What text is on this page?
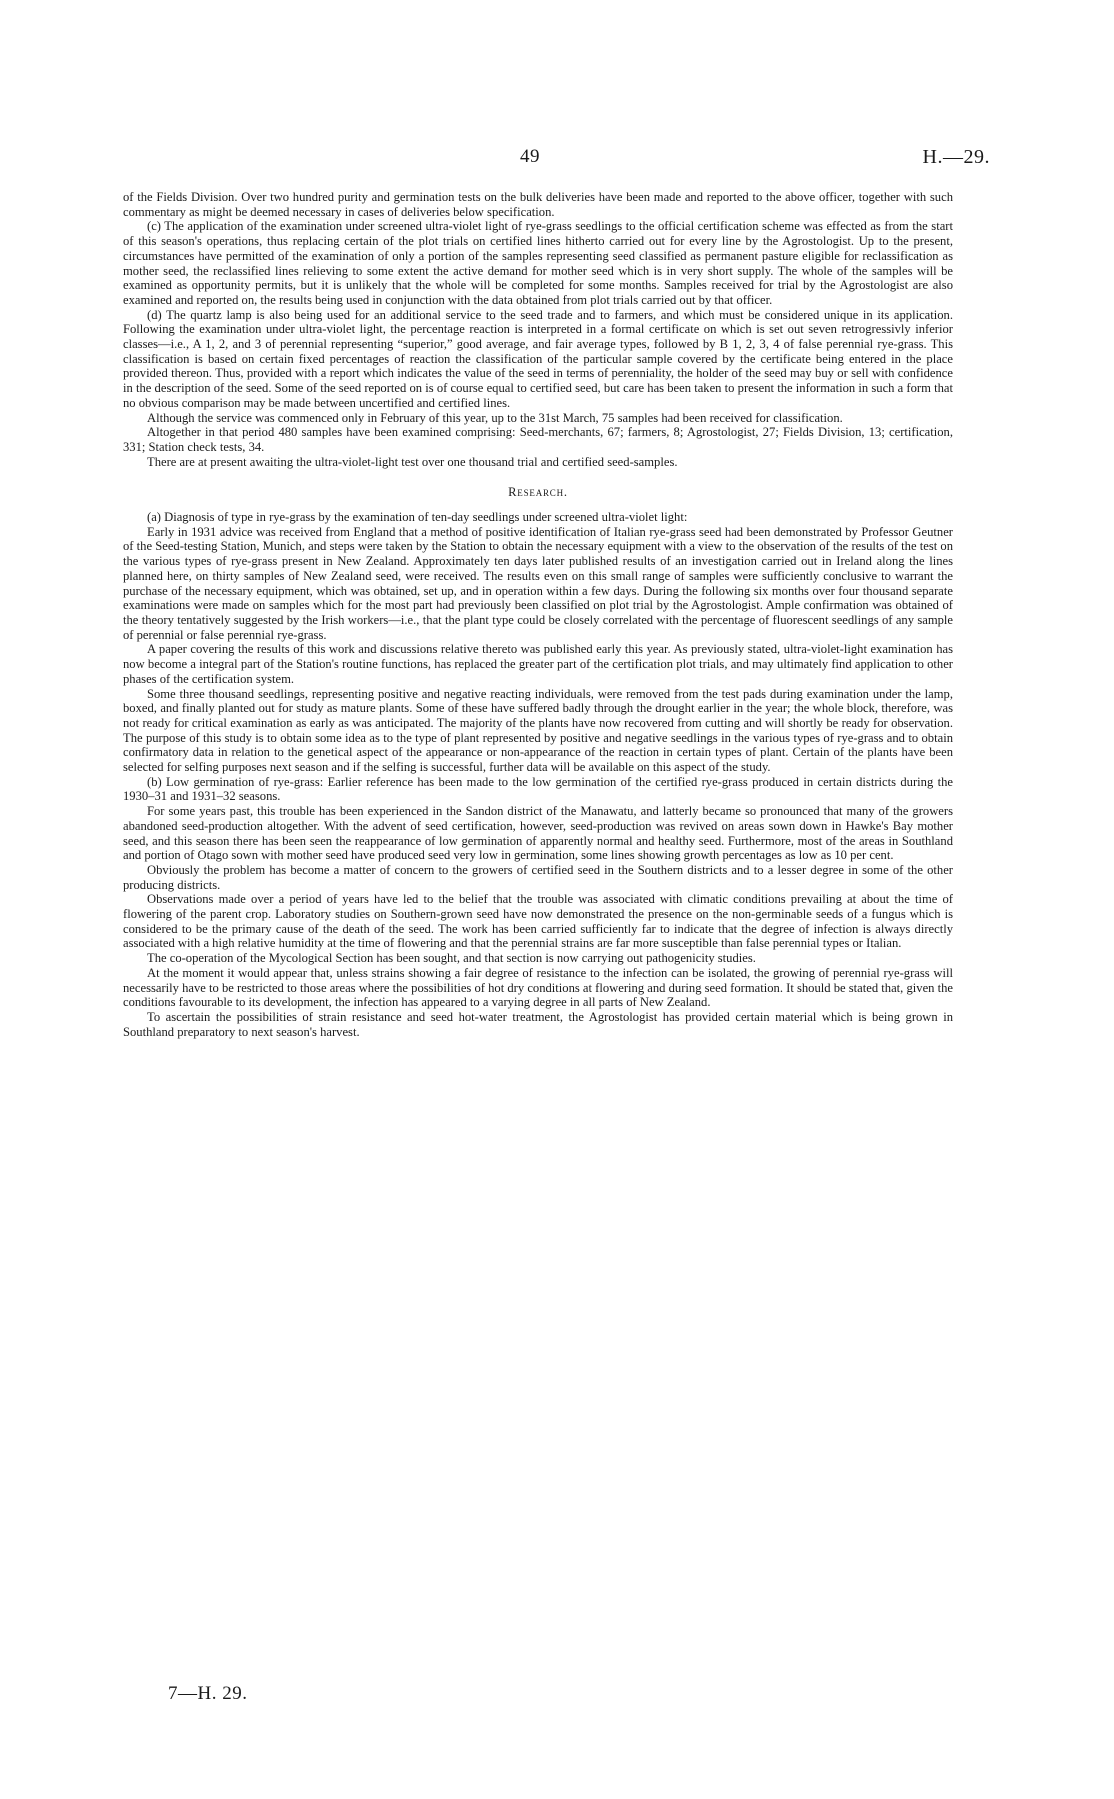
49	H.—29.

of the Fields Division. Over two hundred purity and germination tests on the bulk deliveries have been made and reported to the above officer, together with such commentary as might be deemed necessary in cases of deliveries below specification.

(c) The application of the examination under screened ultra-violet light of rye-grass seedlings to the official certification scheme was effected as from the start of this season's operations, thus replacing certain of the plot trials on certified lines hitherto carried out for every line by the Agrostologist. Up to the present, circumstances have permitted of the examination of only a portion of the samples representing seed classified as permanent pasture eligible for reclassification as mother seed, the reclassified lines relieving to some extent the active demand for mother seed which is in very short supply. The whole of the samples will be examined as opportunity permits, but it is unlikely that the whole will be completed for some months. Samples received for trial by the Agrostologist are also examined and reported on, the results being used in conjunction with the data obtained from plot trials carried out by that officer.

(d) The quartz lamp is also being used for an additional service to the seed trade and to farmers, and which must be considered unique in its application. Following the examination under ultra-violet light, the percentage reaction is interpreted in a formal certificate on which is set out seven retrogressivly inferior classes—i.e., A 1, 2, and 3 of perennial representing “superior,” good average, and fair average types, followed by B 1, 2, 3, 4 of false perennial rye-grass. This classification is based on certain fixed percentages of reaction the classification of the particular sample covered by the certificate being entered in the place provided thereon. Thus, provided with a report which indicates the value of the seed in terms of perenniality, the holder of the seed may buy or sell with confidence in the description of the seed. Some of the seed reported on is of course equal to certified seed, but care has been taken to present the information in such a form that no obvious comparison may be made between uncertified and certified lines.

Although the service was commenced only in February of this year, up to the 31st March, 75 samples had been received for classification.

Altogether in that period 480 samples have been examined comprising: Seed-merchants, 67; farmers, 8; Agrostologist, 27; Fields Division, 13; certification, 331; Station check tests, 34.

There are at present awaiting the ultra-violet-light test over one thousand trial and certified seed-samples.

Research.

(a) Diagnosis of type in rye-grass by the examination of ten-day seedlings under screened ultra-violet light:

Early in 1931 advice was received from England that a method of positive identification of Italian rye-grass seed had been demonstrated by Professor Geutner of the Seed-testing Station, Munich, and steps were taken by the Station to obtain the necessary equipment with a view to the observation of the results of the test on the various types of rye-grass present in New Zealand. Approximately ten days later published results of an investigation carried out in Ireland along the lines planned here, on thirty samples of New Zealand seed, were received. The results even on this small range of samples were sufficiently conclusive to warrant the purchase of the necessary equipment, which was obtained, set up, and in operation within a few days. During the following six months over four thousand separate examinations were made on samples which for the most part had previously been classified on plot trial by the Agrostologist. Ample confirmation was obtained of the theory tentatively suggested by the Irish workers—i.e., that the plant type could be closely correlated with the percentage of fluorescent seedlings of any sample of perennial or false perennial rye-grass.

A paper covering the results of this work and discussions relative thereto was published early this year. As previously stated, ultra-violet-light examination has now become a integral part of the Station's routine functions, has replaced the greater part of the certification plot trials, and may ultimately find application to other phases of the certification system.

Some three thousand seedlings, representing positive and negative reacting individuals, were removed from the test pads during examination under the lamp, boxed, and finally planted out for study as mature plants. Some of these have suffered badly through the drought earlier in the year; the whole block, therefore, was not ready for critical examination as early as was anticipated. The majority of the plants have now recovered from cutting and will shortly be ready for observation. The purpose of this study is to obtain some idea as to the type of plant represented by positive and negative seedlings in the various types of rye-grass and to obtain confirmatory data in relation to the genetical aspect of the appearance or non-appearance of the reaction in certain types of plant. Certain of the plants have been selected for selfing purposes next season and if the selfing is successful, further data will be available on this aspect of the study.

(b) Low germination of rye-grass: Earlier reference has been made to the low germination of the certified rye-grass produced in certain districts during the 1930–31 and 1931–32 seasons.

For some years past, this trouble has been experienced in the Sandon district of the Manawatu, and latterly became so pronounced that many of the growers abandoned seed-production altogether. With the advent of seed certification, however, seed-production was revived on areas sown down in Hawke's Bay mother seed, and this season there has been seen the reappearance of low germination of apparently normal and healthy seed. Furthermore, most of the areas in Southland and portion of Otago sown with mother seed have produced seed very low in germination, some lines showing growth percentages as low as 10 per cent.

Obviously the problem has become a matter of concern to the growers of certified seed in the Southern districts and to a lesser degree in some of the other producing districts.

Observations made over a period of years have led to the belief that the trouble was associated with climatic conditions prevailing at about the time of flowering of the parent crop. Laboratory studies on Southern-grown seed have now demonstrated the presence on the non-germinable seeds of a fungus which is considered to be the primary cause of the death of the seed. The work has been carried sufficiently far to indicate that the degree of infection is always directly associated with a high relative humidity at the time of flowering and that the perennial strains are far more susceptible than false perennial types or Italian.

The co-operation of the Mycological Section has been sought, and that section is now carrying out pathogenicity studies.

At the moment it would appear that, unless strains showing a fair degree of resistance to the infection can be isolated, the growing of perennial rye-grass will necessarily have to be restricted to those areas where the possibilities of hot dry conditions at flowering and during seed formation. It should be stated that, given the conditions favourable to its development, the infection has appeared to a varying degree in all parts of New Zealand.

To ascertain the possibilities of strain resistance and seed hot-water treatment, the Agrostologist has provided certain material which is being grown in Southland preparatory to next season's harvest.

7—H. 29.
